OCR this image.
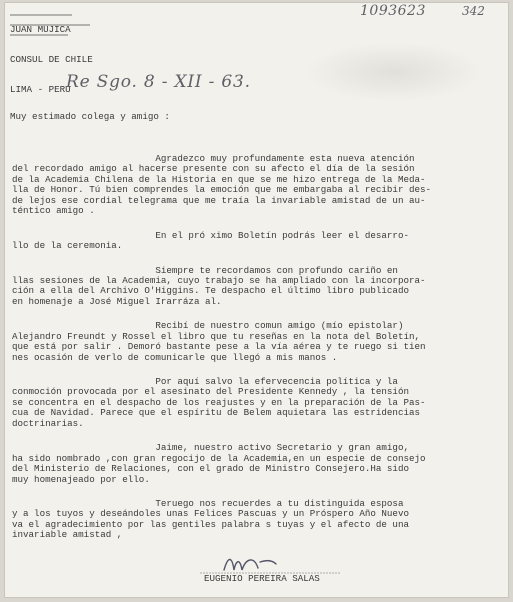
JUAN MUJICA

CONSUL DE CHILE

LIMA - PERU

1093623	342
Re Sgo. 8 - XII - 63.
Muy estimado colega y amigo :
Agradezco muy profundamente esta nueva atención
del recordado amigo al hacerse presente con su afecto el día de la sesión
de la Academia Chilena de la Historia en que se me hizo entrega de la Meda-
lla de Honor. Tú bien comprendes la emoción que me embargaba al recibir des-
de lejos ese cordial telegrama que me traía la invariable amistad de un au-
téntico amigo .
En el pró ximo Boletín podrás leer el desarro-
llo de la ceremonia.
Siempre te recordamos con profundo cariño en
llas sesiones de la Academia, cuyo trabajo se ha ampliado con la incorpora-
ción a ella del Archivo O'Higgins. Te despacho el último libro publicado
en homenaje a José Miguel Irarráza al.
Recibí de nuestro comun amigo (mío epistolar)
Alejandro Freundt y Rossel el libro que tu reseñas en la nota del Boletín,
que está por salir . Demoró bastante pese a la vía aérea y te ruego si tien
nes ocasión de verlo de comunicarle que llegó a mis manos .
Por aquí salvo la efervecencia política y la
conmoción provocada por el asesinato del Presidente Kennedy , la tensión
se concentra en el despacho de los reajustes y en la preparación de la Pas-
cua de Navidad. Parece que el espíritu de Belem aquietara las estridencias
doctrinarias.
Jaime, nuestro activo Secretario y gran amigo,
ha sido nombrado ,con gran regocijo de la Academia,en un especie de consejo
del Ministerio de Relaciones, con el grado de Ministro Consejero.Ha sido
muy homenajeado por ello.
Teruego nos recuerdes a tu distinguida esposa
y a los tuyos y deseándoles unas Felices Pascuas y un Próspero Año Nuevo
va el agradecimiento por las gentiles palabra s tuyas y el afecto de una
invariable amistad ,
EUGENIO PEREIRA SALAS
